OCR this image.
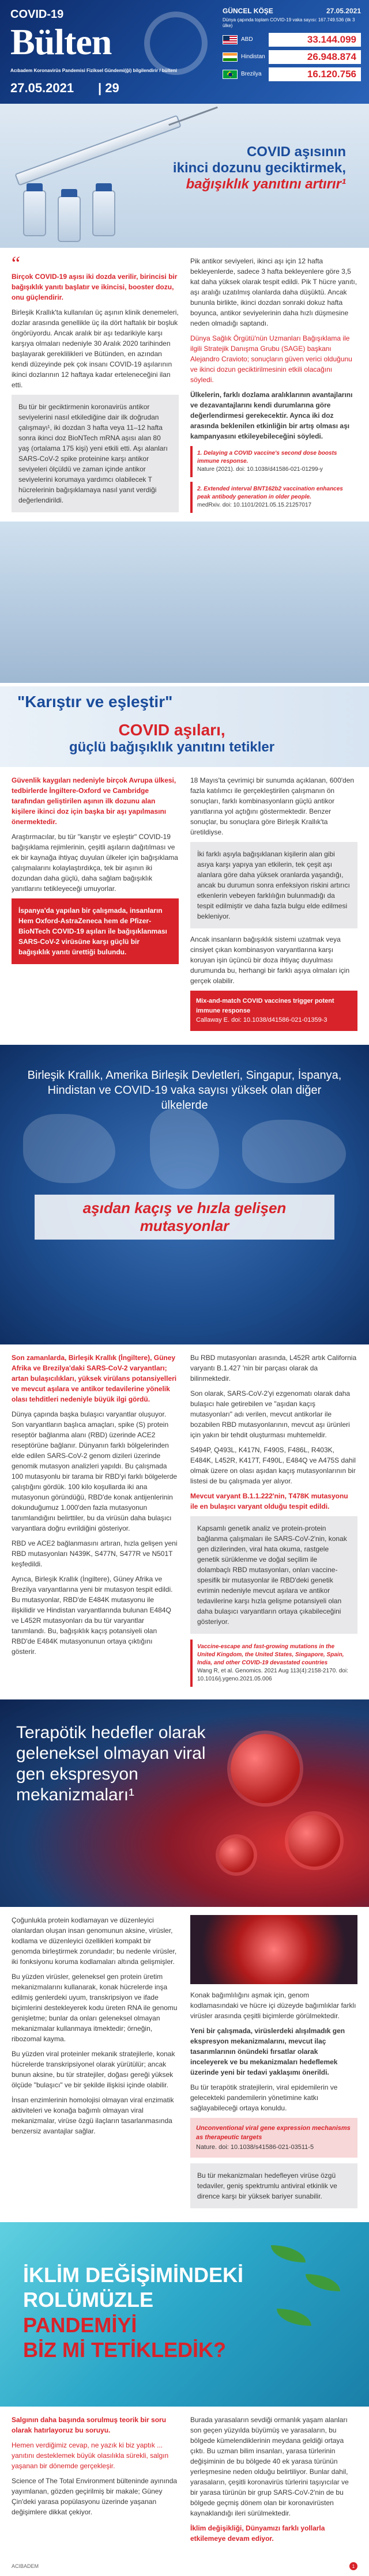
COVID-19
Bülten
Acıbadem Koronavirüs Pandemisi Fiziksel Gündemi(ği) bilgilendirir / bülteni
27.05.2021 | 29
GÜNCEL KÖŞE	27.05.2021
Dünya çapında toplam COVID-19 vaka sayısı: 167.749.536 (ilk 3 ülke)
ABD	33.144.099
Hindistan	26.948.874
Brezilya	16.120.756
COVID aşısının
ikinci dozunu geciktirmek,
bağışıklık yanıtını artırır¹
“
Birçok COVID-19 aşısı iki dozda verilir, birincisi bir bağışıklık yanıtı başlatır ve ikincisi, booster dozu, onu güçlendirir.

Birleşik Krallık'ta kullanılan üç aşının klinik denemeleri, dozlar arasında genellikle üç ila dört haftalık bir boşluk öngörüyordu. Ancak aralık bir aşı tedarikiyle karşı karşıya olmaları nedeniyle 30 Aralık 2020 tarihinden başlayarak gereklilikleri ve Bütünden, en azından kendi düzeyinde pek çok insanı COVID-19 aşılarının ikinci dozlarının 12 haftaya kadar erteleneceğini ilan etti.

Bu tür bir geciktirmenin koronavirüs antikor seviyelerini nasıl etkilediğine dair ilk doğrudan çalışmayı¹, iki dozdan 3 hafta veya 11–12 hafta sonra ikinci doz BioNTech mRNA aşısı alan 80 yaş (ortalama 175 kişi) yeni etkili etti. Aşı alanları SARS-CoV-2 spike proteinine karşı antikor seviyeleri ölçüldü ve zaman içinde antikor seviyelerini korumaya yardımcı olabilecek T hücrelerinin bağışıklamaya nasıl yanıt verdiği değerlendirildi.

Pik antikor seviyeleri, ikinci aşı için 12 hafta bekleyenlerde, sadece 3 hafta bekleyenlere göre 3,5 kat daha yüksek olarak tespit edildi. Pik T hücre yanıtı, aşı aralığı uzatılmış olanlarda daha düşüktü. Ancak bununla birlikte, ikinci dozdan sonraki dokuz hafta boyunca, antikor seviyelerinin daha hızlı düşmesine neden olmadığı saptandı.

Dünya Sağlık Örgütü'nün Uzmanları Bağışıklama ile ilgili Stratejik Danışma Grubu (SAGE) başkanı Alejandro Cravioto; sonuçların güven verici olduğunu ve ikinci dozun geciktirilmesinin etkili olacağını söyledi.

Ülkelerin, farklı dozlama aralıklarının avantajlarını ve dezavantajlarını kendi durumlarına göre değerlendirmesi gerekecektir. Aynca iki doz arasında beklenilen etkinliğin bir artış olması aşı kampanyasını etkileyebileceğini söyledi.

1. Delaying a COVID vaccine's second dose boosts immune response.
Nature (2021). doi: 10.1038/d41586-021-01299-y
2. Extended interval BNT162b2 vaccination enhances peak antibody generation in older people.
medRxiv. doi: 10.1101/2021.05.15.21257017
"Karıştır ve eşleştir"
COVID aşıları,
güçlü bağışıklık yanıtını tetikler
Güvenlik kaygıları nedeniyle birçok Avrupa ülkesi, tedbirlerde İngiltere-Oxford ve Cambridge tarafından geliştirilen aşının ilk dozunu alan kişilere ikinci doz için başka bir aşı yapılmasını önermektedir.

Araştırmacılar, bu tür "karıştır ve eşleştir" COVID-19 bağışıklama rejimlerinin, çeşitli aşıların dağıtılması ve ek bir kaynağa ihtiyaç duyulan ülkeler için bağışıklama çalışmalarını kolaylaştırdıkça, tek bir aşının iki dozundan daha güçlü, daha sağlam bağışıklık yanıtlarını tetikleyeceği umuyorlar.

İspanya'da yapılan bir çalışmada, insanların Hem Oxford-AstraZeneca hem de Pfizer-BioNTech COVID-19 aşıları ile bağışıklanması SARS-CoV-2 virüsüne karşı güçlü bir bağışıklık yanıtı ürettiği bulundu.

18 Mayıs'ta çevrimiçi bir sunumda açıklanan, 600'den fazla katılımcı ile gerçekleştirilen çalışmanın ön sonuçları, farklı kombinasyonların güçlü antikor yanıtlarına yol açtığını göstermektedir. Benzer sonuçlar, bu sonuçlara göre Birleşik Krallık'ta üretildiyse.

İki farklı aşıyla bağışıklanan kişilerin alan gibi asıya karşı yapıya yan etkilerin, tek çeşit aşı alanlara göre daha yüksek oranlarda yaşandığı, ancak bu durumun sonra enfeksiyon riskini artırıcı etkenlerin vebeyen farklılığın bulunmadığı da tespit edilmiştir ve daha fazla bulgu elde edilmesi bekleniyor.

Ancak insanların bağışıklık sistemi uzatmak veya cinsiyet çıkan kombinasyon varyantlarına karşı koruyan işin üçüncü bir doza ihtiyaç duyulması durumunda bu, herhangi bir farklı aşıya olmaları için gerçek olabilir.

Mix-and-match COVID vaccines trigger potent immune response
Callaway E. doi: 10.1038/d41586-021-01359-3
Birleşik Krallık, Amerika Birleşik Devletleri, Singapur, İspanya, Hindistan ve COVID-19 vaka sayısı yüksek olan diğer ülkelerde
aşıdan kaçış ve hızla gelişen
mutasyonlar
Son zamanlarda, Birleşik Krallık (İngiltere), Güney Afrika ve Brezilya'daki SARS-CoV-2 varyantları; artan bulaşıcılıkları, yüksek virülans potansiyelleri ve mevcut aşılara ve antikor tedavilerine yönelik olası tehditleri nedeniyle büyük ilgi gördü.

Dünya çapında başka bulaşıcı varyantlar oluşuyor. Son varyantların başlıca amaçları, spike (S) protein reseptör bağlanma alanı (RBD) üzerinde ACE2 reseptörüne bağlanır. Dünyanın farklı bölgelerinden elde edilen SARS-CoV-2 genom dizileri üzerinde genomik mutasyon analizleri yapıldı. Bu çalışmada 100 mutasyonlu bir tarama bir RBD'yi farklı bölgelerde çalıştığını gördük. 100 kilo koşullarda iki ana mutasyonun göründüğü, RBD'de konak antijenlerinin dokunduğumuz 1.000'den fazla mutasyonun tanımlandığını belirttiler, bu da virüsün daha bulaşıcı varyantlara doğru evrildiğini gösteriyor.

RBD ve ACE2 bağlanmasını artıran, hızla gelişen yeni RBD mutasyonları N439K, S477N, S477R ve N501T keşfedildi.

Ayrıca, Birleşik Krallık (İngiltere), Güney Afrika ve Brezilya varyantlarına yeni bir mutasyon tespit edildi. Bu mutasyonlar, RBD'de E484K mutasyonu ile ilişkilidir ve Hindistan varyantlarında bulunan E484Q ve L452R mutasyonları da bu tür varyantlar tanımlandı. Bu, bağışıklık kaçış potansiyeli olan RBD'de E484K mutasyonunun ortaya çıktığını gösterir.

Bu RBD mutasyonları arasında, L452R artık California varyantı B.1.427 'nin bir parçası olarak da bilinmektedir.

Son olarak, SARS-CoV-2'yi ezgenomatı olarak daha bulaşıcı hale getirebilen ve "aşıdan kaçış mutasyonları" adı verilen, mevcut antikorlar ile bozabilen RBD mutasyonlarının, mevcut aşı ürünleri için yakın bir tehdit oluşturması muhtemeldir.

S494P, Q493L, K417N, F490S, F486L, R403K, E484K, L452R, K417T, F490L, E484Q ve A475S dahil olmak üzere on olası aşıdan kaçış mutasyonlarının bir listesi de bu çalışmada yer alıyor.

Mevcut varyant B.1.1.222'nin, T478K mutasyonu ile en bulaşıcı varyant olduğu tespit edildi.

Kapsamlı genetik analiz ve protein-protein bağlanma çalışmaları ile SARS-CoV-2'nin, konak gen dizilerinden, viral hata okuma, rastgele genetik sürüklenme ve doğal seçilim ile dolambaçlı RBD mutasyonları, onları vaccine-spesifik bir mutasyonlar ile RBD'deki genetik evrimin nedeniyle mevcut aşılara ve antikor tedavilerine karşı hızla gelişme potansiyeli olan daha bulaşıcı varyantların ortaya çıkabileceğini gösteriyor.
Vaccine-escape and fast-growing mutations in the United Kingdom, the United States, Singapore, Spain, India, and other COVID-19 devastated countries
Wang R, et al. Genomics. 2021 Aug 113(4):2158-2170. doi: 10.1016/j.ygeno.2021.05.006
Terapötik hedefler olarak geleneksel olmayan viral gen ekspresyon mekanizmaları¹

Çoğunlukla protein kodlamayan ve düzenleyici olanlardan oluşan insan genomunun aksine, virüsler, kodlama ve düzenleyici özellikleri kompakt bir genomda birleştirmek zorundadır; bu nedenle virüsler, iki fonksiyonu koruma kodlamaları altında gelişmişler.

Bu yüzden virüsler, geleneksel gen protein üretim mekanizmalarını kullanarak, konak hücrelerde inşa edilmiş genlerdeki uyum, transkripsiyon ve ifade biçimlerini destekleyerek kodu üreten RNA ile genomu genişletme; bunlar da onları geleneksel olmayan mekanizmalar kullanmaya itmektedir; örneğin, ribozomal kayma.

Bu yüzden viral proteinler mekanik stratejilerle, konak hücrelerde transkripsiyonel olarak yürütülür; ancak bunun aksine, bu tür stratejiler, doğası gereği yüksek ölçüde "bulaşıcı" ve bir şekilde ilişkisi içinde olabilir.

İnsan enzimlerinin homolojisi olmayan viral enzimatik aktiviteleri ve konağa bağımlı olmayan viral mekanizmalar, virüse özgü ilaçların tasarlanmasında benzersiz avantajlar sağlar.

Konak bağımlılığını aşmak için, genom kodlamasındaki ve hücre içi düzeyde bağımlıklar farklı virüsler arasında çeşitli biçimlerde görülmektedir.

Yeni bir çalışmada, virüslerdeki alışılmadık gen ekspresyon mekanizmalarını, mevcut ilaç tasarımlarının önündeki fırsatlar olarak inceleyerek ve bu mekanizmaları hedeflemek üzerinde yeni bir tedavi yaklaşımı önerildi.

Bu tür terapötik stratejilerin, viral epidemilerin ve gelecekteki pandemilerin yönetimine katkı sağlayabileceği ortaya konuldu.

Unconventional viral gene expression mechanisms as therapeutic targets
Nature. doi: 10.1038/s41586-021-03511-5
Bu tür mekanizmaları hedefleyen virüse özgü tedaviler, geniş spektrumlu antiviral etkinlik ve dirence karşı bir yüksek bariyer sunabilir.
İKLİM DEĞİŞİMİNDEKİ
ROLÜMÜZLE
PANDEMİYİ
BİZ Mİ TETİKLEDİK?
Salgının daha başında sorulmuş teorik bir soru olarak hatırlayoruz bu soruyu.

Hemen verdiğimiz cevap, ne yazık ki biz yaptık ... yanıtını desteklemek büyük olasılıkla sürekli, salgın yaşanan bir dönemde gerçekleşir.

Science of The Total Environment bülteninde ayınında yayımlanan, gözden geçirilmiş bir makale; Güney Çin'deki yarasa popülasyonu üzerinde yaşanan değişimlere dikkat çekiyor.

Burada yarasaların sevdiği ormanlık yaşam alanları son geçen yüzyılda büyümüş ve yarasaların, bu bölgede kümelendiklerinin meydana geldiği ortaya çıktı. Bu uzman bilim insanları, yarasa türlerinin değişiminin de bu bölgede 40 ek yarasa türünün yerleşmesine neden olduğu belirtiliyor. Bunlar dahil, yarasaların, çeşitli koronavirüs türlerini taşıyıcılar ve bir yarasa türünün bir grup SARS-CoV-2'nin de bu bölgede geçmiş dönem olan bir koronavirüsten kaynaklandığı ileri sürülmektedir.

İklim değişikliği, Dünyamızı farklı yollarla etkilemeye devam ediyor.

ACIBADEM	1
